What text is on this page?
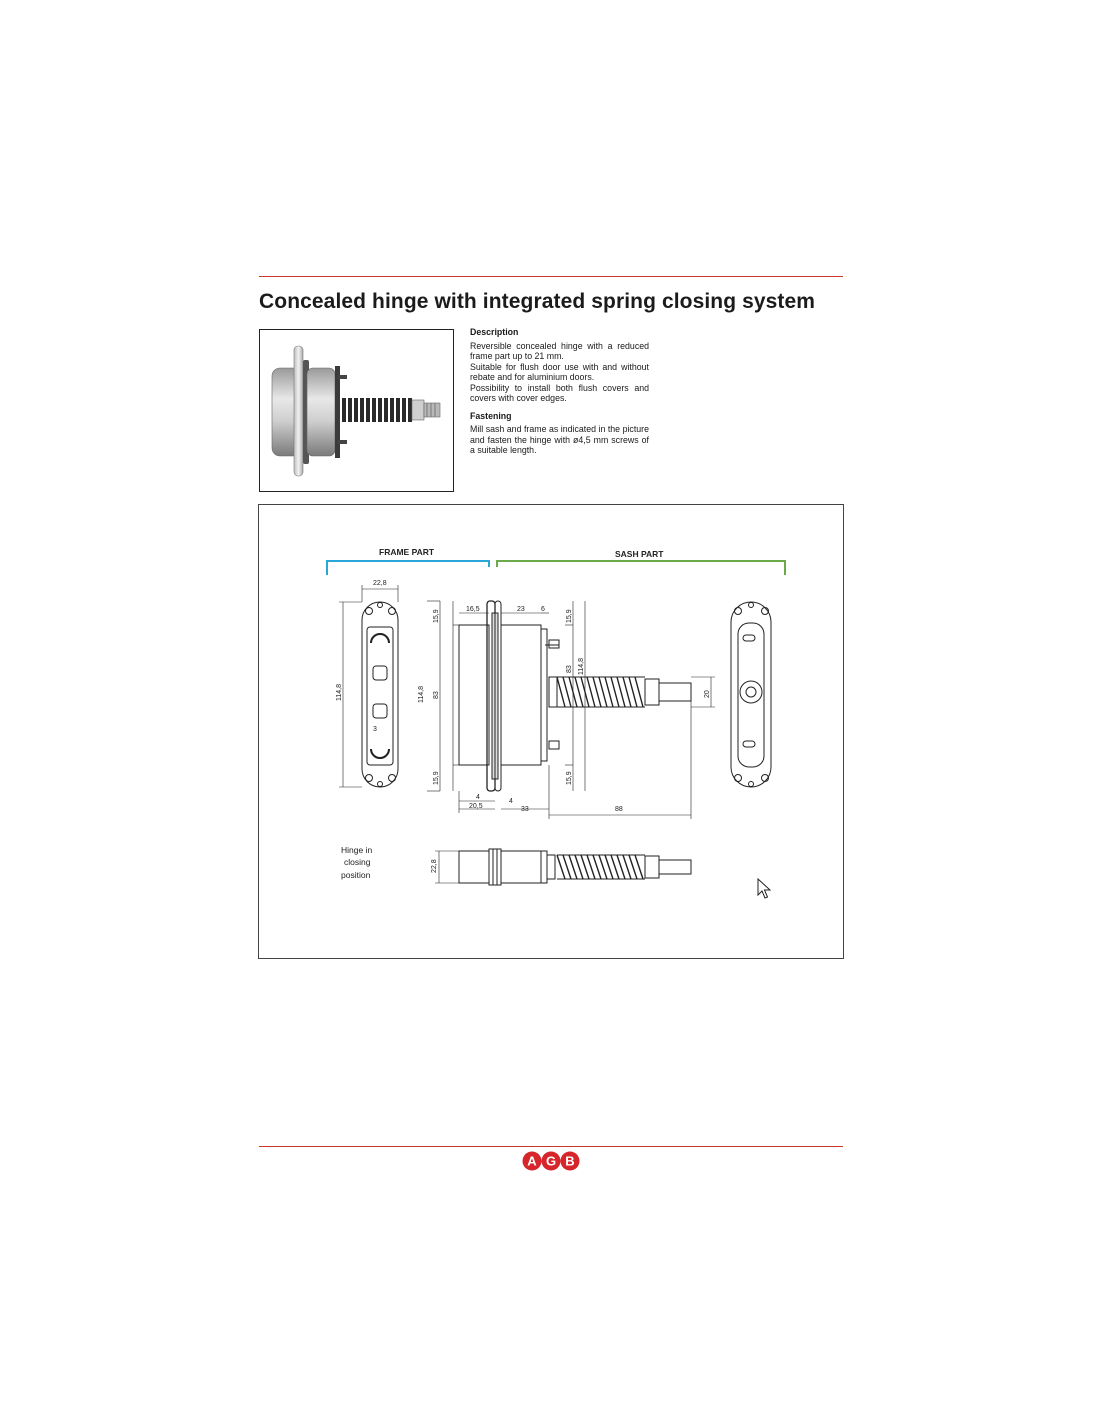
Concealed hinge with integrated spring closing system
Description

Reversible concealed hinge with a reduced frame part up to 21 mm.

Suitable for flush door use with and without rebate and for aluminium doors.

Possibility to install both flush covers and covers with cover edges.

Fastening

Mill sash and frame as indicated in the picture and fasten the hinge with ø4,5 mm screws of a suitable length.

FRAME PART	SASH PART
3
22,8
114,8
15,9
114,8 83
15,9
16,5	23 6	15,9
83 114,8
15,9
20
4
20,5
4
33	88
Hinge in
closing
position
22,8
A G B
